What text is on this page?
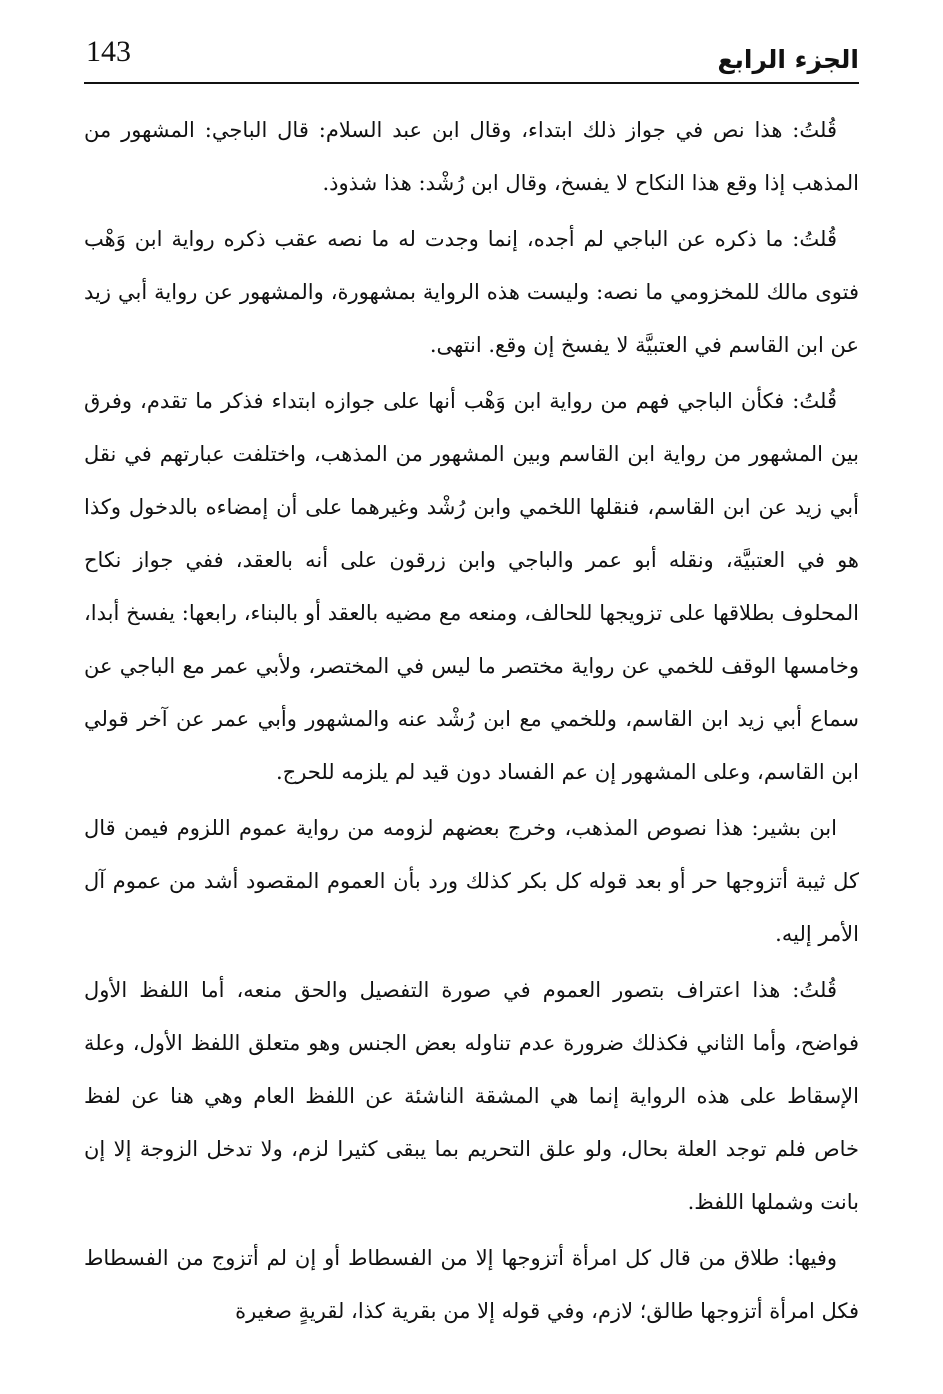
143	الجزء الرابع

قُلتُ: هذا نص في جواز ذلك ابتداء، وقال ابن عبد السلام: قال الباجي: المشهور من المذهب إذا وقع هذا النكاح لا يفسخ، وقال ابن رُشْد: هذا شذوذ.

قُلتُ: ما ذكره عن الباجي لم أجده، إنما وجدت له ما نصه عقب ذكره رواية ابن وَهْب فتوى مالك للمخزومي ما نصه: وليست هذه الرواية بمشهورة، والمشهور عن رواية أبي زيد عن ابن القاسم في العتبيَّة لا يفسخ إن وقع. انتهى.

قُلتُ: فكأن الباجي فهم من رواية ابن وَهْب أنها على جوازه ابتداء فذكر ما تقدم، وفرق بين المشهور من رواية ابن القاسم وبين المشهور من المذهب، واختلفت عبارتهم في نقل أبي زيد عن ابن القاسم، فنقلها اللخمي وابن رُشْد وغيرهما على أن إمضاءه بالدخول وكذا هو في العتبيَّة، ونقله أبو عمر والباجي وابن زرقون على أنه بالعقد، ففي جواز نكاح المحلوف بطلاقها على تزويجها للحالف، ومنعه مع مضيه بالعقد أو بالبناء، رابعها: يفسخ أبدا، وخامسها الوقف للخمي عن رواية مختصر ما ليس في المختصر، ولأبي عمر مع الباجي عن سماع أبي زيد ابن القاسم، وللخمي مع ابن رُشْد عنه والمشهور وأبي عمر عن آخر قولي ابن القاسم، وعلى المشهور إن عم الفساد دون قيد لم يلزمه للحرج.

ابن بشير: هذا نصوص المذهب، وخرج بعضهم لزومه من رواية عموم اللزوم فيمن قال كل ثيبة أتزوجها حر أو بعد قوله كل بكر كذلك ورد بأن العموم المقصود أشد من عموم آل الأمر إليه.

قُلتُ: هذا اعتراف بتصور العموم في صورة التفصيل والحق منعه، أما اللفظ الأول فواضح، وأما الثاني فكذلك ضرورة عدم تناوله بعض الجنس وهو متعلق اللفظ الأول، وعلة الإسقاط على هذه الرواية إنما هي المشقة الناشئة عن اللفظ العام وهي هنا عن لفظ خاص فلم توجد العلة بحال، ولو علق التحريم بما يبقى كثيرا لزم، ولا تدخل الزوجة إلا إن بانت وشملها اللفظ.

وفيها: طلاق من قال كل امرأة أتزوجها إلا من الفسطاط أو إن لم أتزوج من الفسطاط فكل امرأة أتزوجها طالق؛ لازم، وفي قوله إلا من بقرية كذا، لقريةٍ صغيرة
